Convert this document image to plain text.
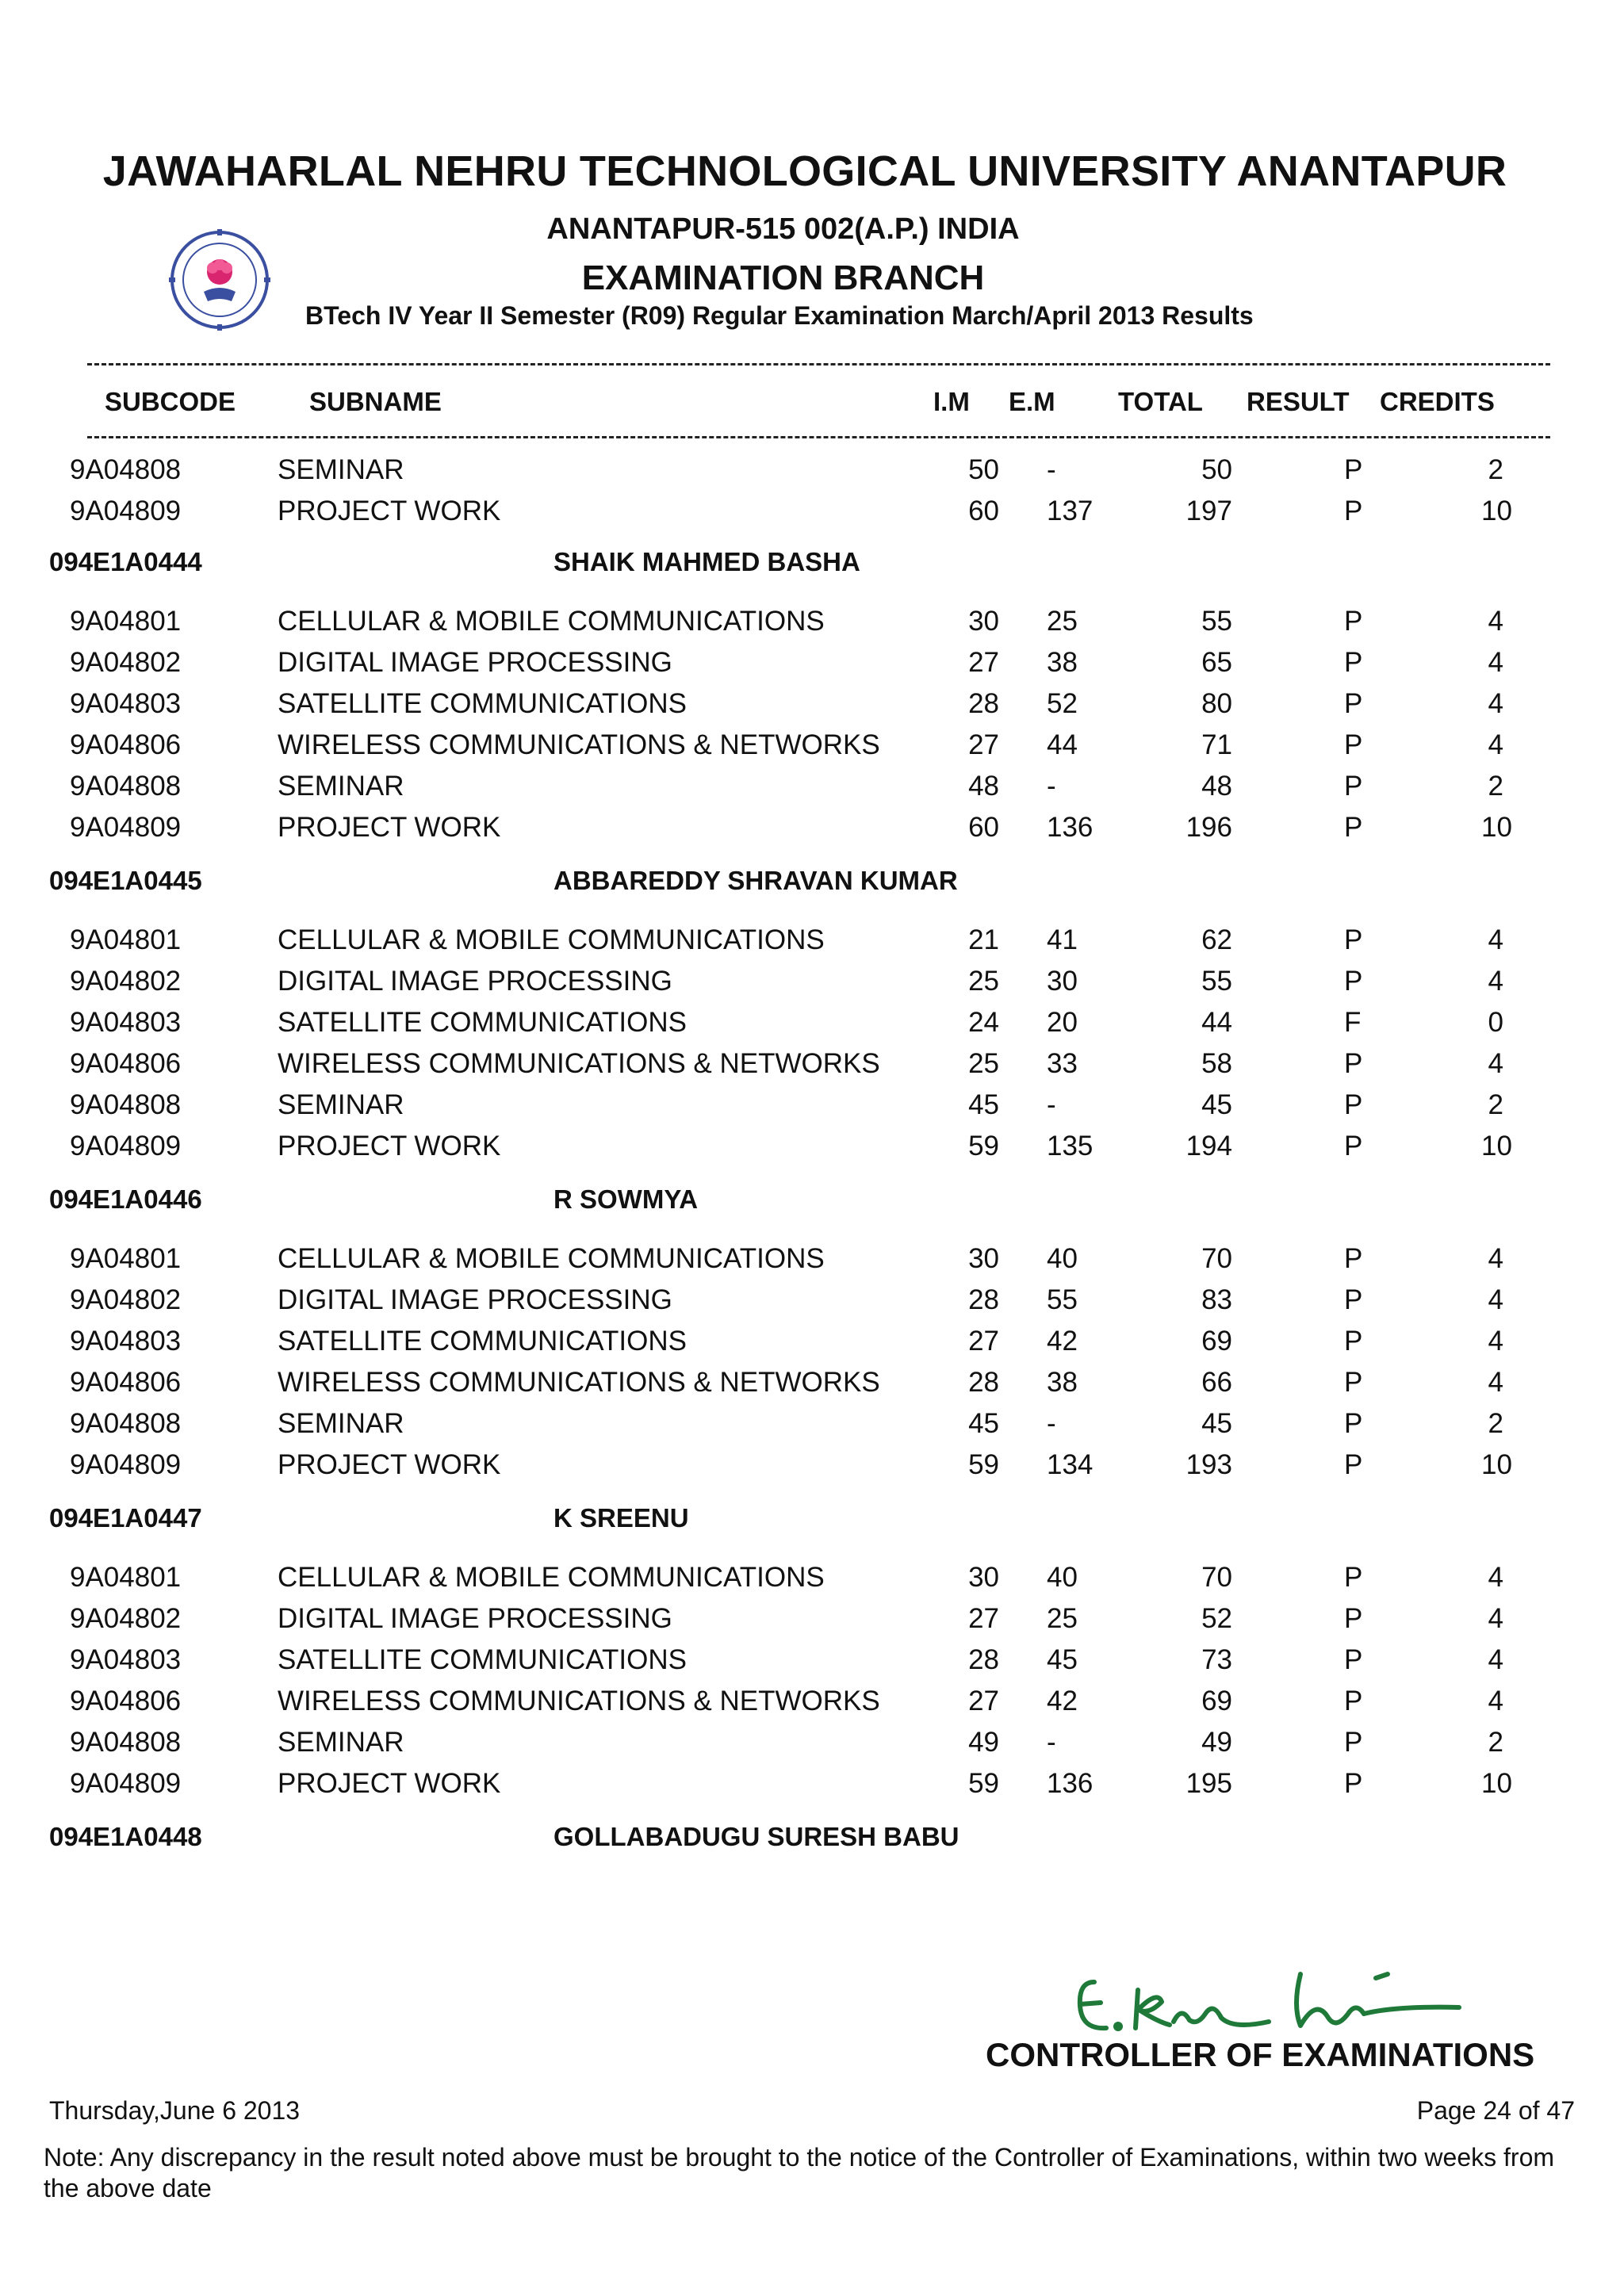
JAWAHARLAL NEHRU TECHNOLOGICAL UNIVERSITY ANANTAPUR
ANANTAPUR-515 002(A.P.) INDIA
EXAMINATION BRANCH
BTech IV Year II Semester (R09) Regular Examination March/April 2013 Results
SUBCODE	SUBNAME	I.M E.M TOTAL RESULT CREDITS
9A04808	SEMINAR	50 -	50	P	2
9A04809	PROJECT WORK	60 137	197	P	10
094E1A0444	SHAIK MAHMED BASHA
9A04801	CELLULAR & MOBILE COMMUNICATIONS	30 25	55	P	4
9A04802	DIGITAL IMAGE PROCESSING	27 38	65	P	4
9A04803	SATELLITE COMMUNICATIONS	28 52	80	P	4
9A04806	WIRELESS COMMUNICATIONS & NETWORKS	27 44	71	P	4
9A04808	SEMINAR	48 -	48	P	2
9A04809	PROJECT WORK	60 136	196	P	10
094E1A0445	ABBAREDDY SHRAVAN KUMAR
9A04801	CELLULAR & MOBILE COMMUNICATIONS	21 41	62	P	4
9A04802	DIGITAL IMAGE PROCESSING	25 30	55	P	4
9A04803	SATELLITE COMMUNICATIONS	24 20	44	F	0
9A04806	WIRELESS COMMUNICATIONS & NETWORKS	25 33	58	P	4
9A04808	SEMINAR	45 -	45	P	2
9A04809	PROJECT WORK	59 135	194	P	10
094E1A0446	R SOWMYA
9A04801	CELLULAR & MOBILE COMMUNICATIONS	30 40	70	P	4
9A04802	DIGITAL IMAGE PROCESSING	28 55	83	P	4
9A04803	SATELLITE COMMUNICATIONS	27 42	69	P	4
9A04806	WIRELESS COMMUNICATIONS & NETWORKS	28 38	66	P	4
9A04808	SEMINAR	45 -	45	P	2
9A04809	PROJECT WORK	59 134	193	P	10
094E1A0447	K SREENU
9A04801	CELLULAR & MOBILE COMMUNICATIONS	30 40	70	P	4
9A04802	DIGITAL IMAGE PROCESSING	27 25	52	P	4
9A04803	SATELLITE COMMUNICATIONS	28 45	73	P	4
9A04806	WIRELESS COMMUNICATIONS & NETWORKS	27 42	69	P	4
9A04808	SEMINAR	49 -	49	P	2
9A04809	PROJECT WORK	59 136	195	P	10
094E1A0448	GOLLABADUGU SURESH BABU
CONTROLLER OF EXAMINATIONS
Thursday,June 6 2013	Page 24 of 47
Note: Any discrepancy in the result noted above must be brought to the notice of the Controller of Examinations, within two weeks from the above date
